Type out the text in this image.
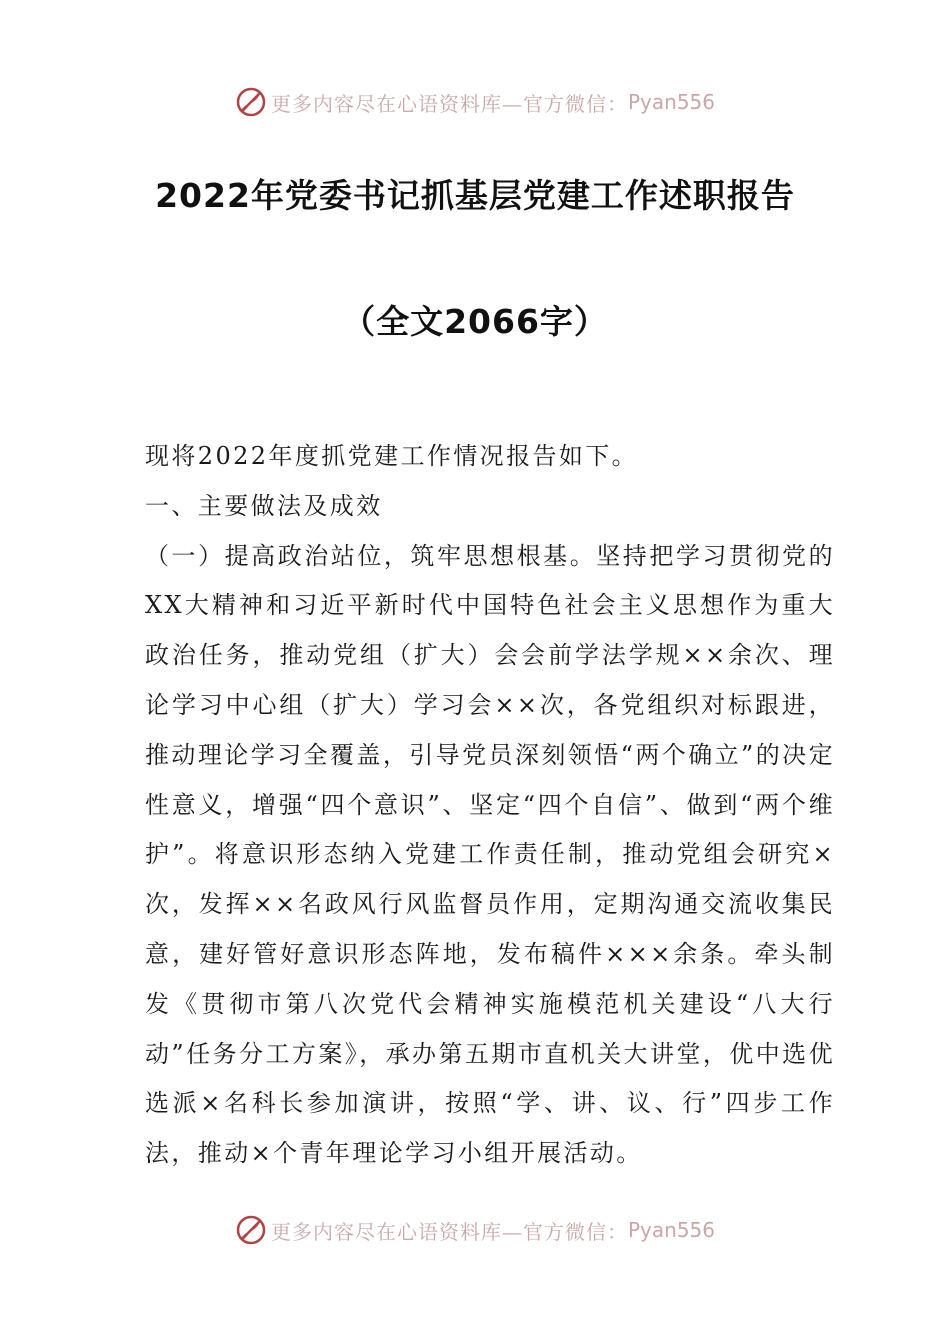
更多内容尽在心语资料库—官方微信： Pyan556
2022年党委书记抓基层党建工作述职报告
（全文2066字）

现将2022年度抓党建工作情况报告如下。

一、主要做法及成效

（一）提高政治站位，筑牢思想根基。坚持把学习贯彻党的XX大精神和习近平新时代中国特色社会主义思想作为重大政治任务，推动党组（扩大）会会前学法学规××余次、理论学习中心组（扩大）学习会××次，各党组织对标跟进，推动理论学习全覆盖，引导党员深刻领悟“两个确立”的决定性意义，增强“四个意识”、坚定“四个自信”、做到“两个维护”。将意识形态纳入党建工作责任制，推动党组会研究×次，发挥××名政风行风监督员作用，定期沟通交流收集民意，建好管好意识形态阵地，发布稿件×××余条。牵头制发《贯彻市第八次党代会精神实施模范机关建设“八大行动”任务分工方案》，承办第五期市直机关大讲堂，优中选优选派×名科长参加演讲，按照“学、讲、议、行”四步工作法，推动×个青年理论学习小组开展活动。

更多内容尽在心语资料库—官方微信： Pyan556
